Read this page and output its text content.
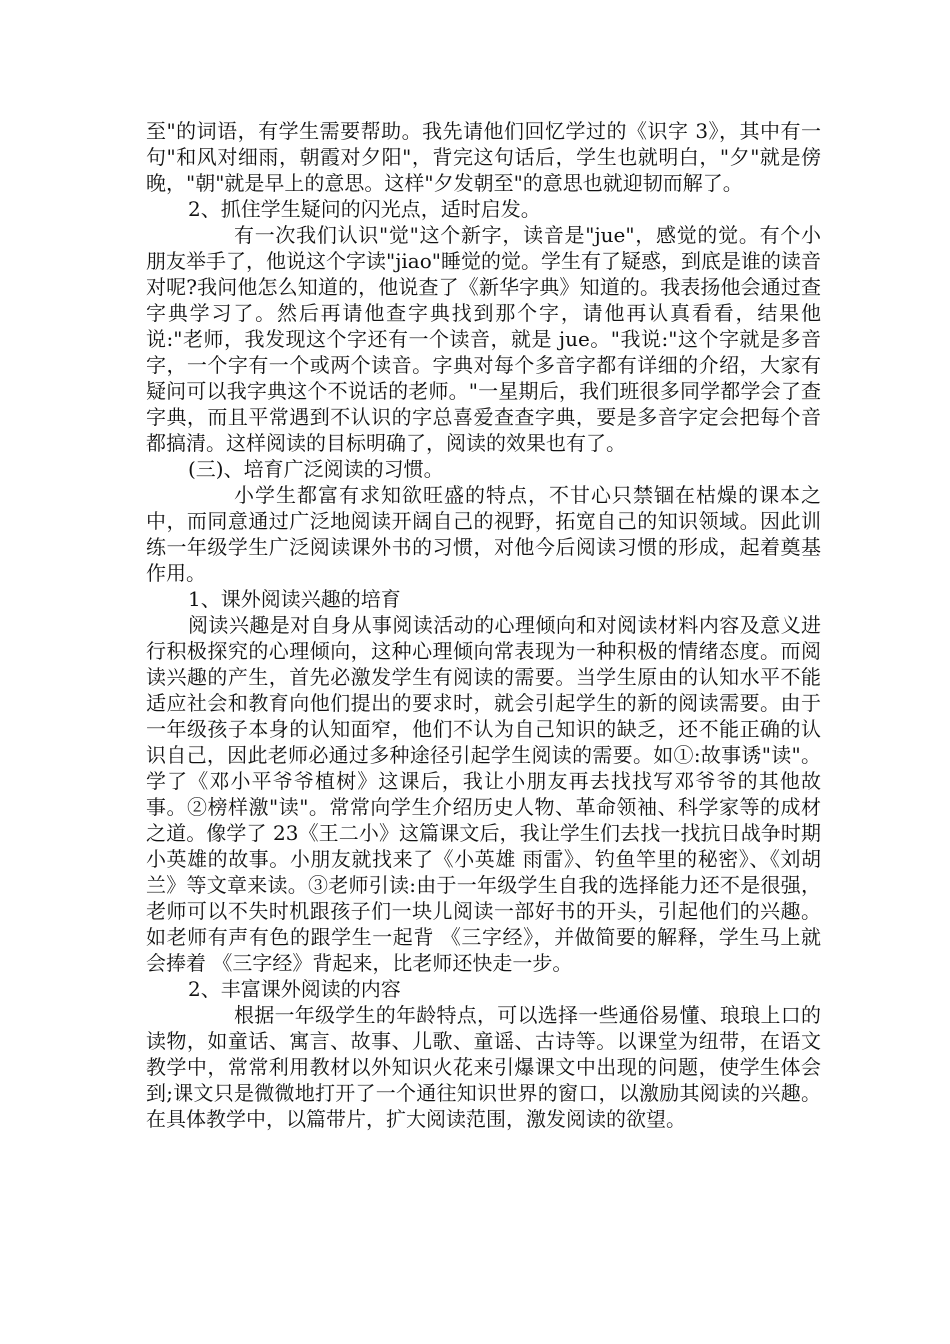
至"的词语，有学生需要帮助。我先请他们回忆学过的《识字 3》，其中有一句"和风对细雨，朝霞对夕阳"，背完这句话后，学生也就明白，"夕"就是傍晚，"朝"就是早上的意思。这样"夕发朝至"的意思也就迎韧而解了。

2、抓住学生疑问的闪光点，适时启发。

有一次我们认识"觉"这个新字，读音是"jue"，感觉的觉。有个小朋友举手了，他说这个字读"jiao"睡觉的觉。学生有了疑惑，到底是谁的读音对呢?我问他怎么知道的，他说查了《新华字典》知道的。我表扬他会通过查字典学习了。然后再请他查字典找到那个字，请他再认真看看，结果他说:"老师，我发现这个字还有一个读音，就是 jue。"我说:"这个字就是多音字，一个字有一个或两个读音。字典对每个多音字都有详细的介绍，大家有疑问可以我字典这个不说话的老师。"一星期后，我们班很多同学都学会了查字典，而且平常遇到不认识的字总喜爱查查字典，要是多音字定会把每个音都搞清。这样阅读的目标明确了，阅读的效果也有了。

(三)、培育广泛阅读的习惯。

小学生都富有求知欲旺盛的特点，不甘心只禁锢在枯燥的课本之中，而同意通过广泛地阅读开阔自己的视野，拓宽自己的知识领域。因此训练一年级学生广泛阅读课外书的习惯，对他今后阅读习惯的形成，起着奠基作用。

1、课外阅读兴趣的培育

阅读兴趣是对自身从事阅读活动的心理倾向和对阅读材料内容及意义进行积极探究的心理倾向，这种心理倾向常表现为一种积极的情绪态度。而阅读兴趣的产生，首先必激发学生有阅读的需要。当学生原由的认知水平不能适应社会和教育向他们提出的要求时，就会引起学生的新的阅读需要。由于一年级孩子本身的认知面窄，他们不认为自己知识的缺乏，还不能正确的认识自己，因此老师必通过多种途径引起学生阅读的需要。如①:故事诱"读"。学了《邓小平爷爷植树》这课后，我让小朋友再去找找写邓爷爷的其他故事。②榜样激"读"。常常向学生介绍历史人物、革命领袖、科学家等的成材之道。像学了 23《王二小》这篇课文后，我让学生们去找一找抗日战争时期小英雄的故事。小朋友就找来了《小英雄 雨雷》、钓鱼竿里的秘密》、《刘胡兰》等文章来读。③老师引读:由于一年级学生自我的选择能力还不是很强，老师可以不失时机跟孩子们一块儿阅读一部好书的开头，引起他们的兴趣。如老师有声有色的跟学生一起背 《三字经》，并做简要的解释，学生马上就会捧着 《三字经》背起来，比老师还快走一步。

2、丰富课外阅读的内容

根据一年级学生的年龄特点，可以选择一些通俗易懂、琅琅上口的读物，如童话、寓言、故事、儿歌、童谣、古诗等。以课堂为纽带，在语文教学中，常常利用教材以外知识火花来引爆课文中出现的问题，使学生体会到;课文只是微微地打开了一个通往知识世界的窗口，以激励其阅读的兴趣。在具体教学中，以篇带片，扩大阅读范围，激发阅读的欲望。
